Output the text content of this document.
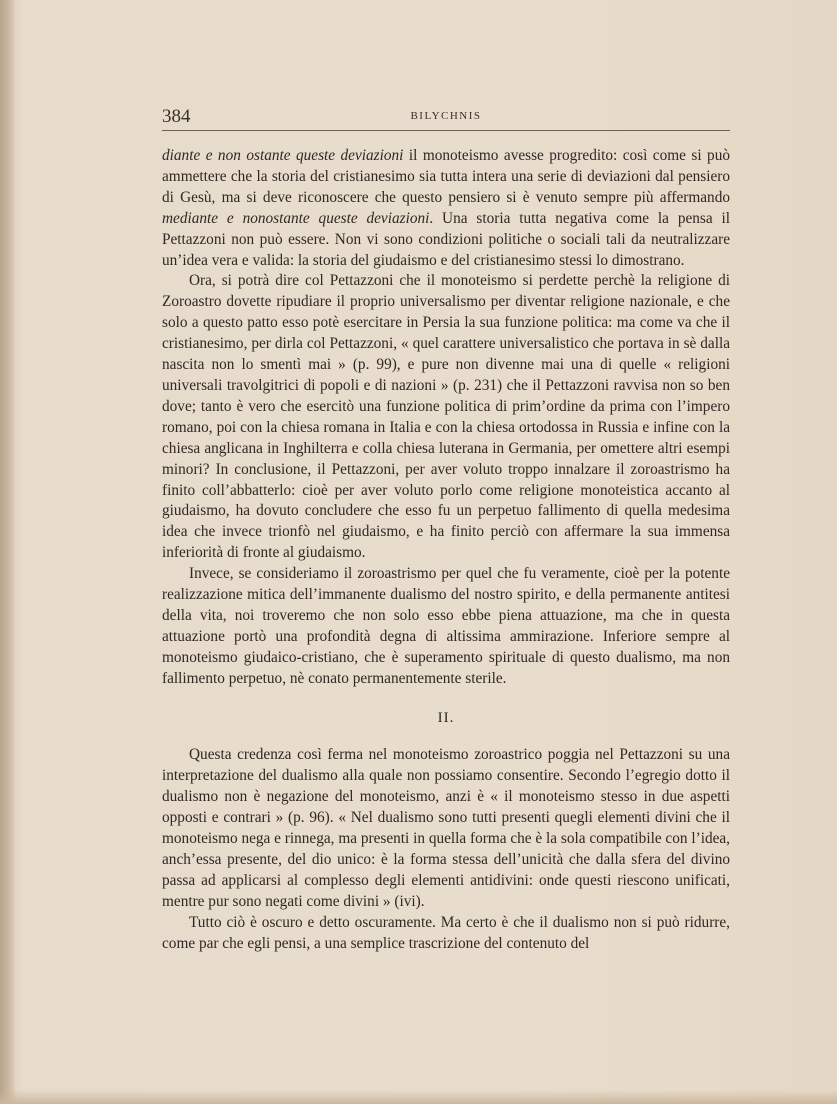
384	BILYCHNIS

diante e non ostante queste deviazioni il monoteismo avesse progredito: così come si può ammettere che la storia del cristianesimo sia tutta intera una serie di deviazioni dal pensiero di Gesù, ma si deve riconoscere che questo pensiero si è venuto sempre più affermando mediante e nonostante queste deviazioni. Una storia tutta negativa come la pensa il Pettazzoni non può essere. Non vi sono condizioni politiche o sociali tali da neutralizzare un’idea vera e valida: la storia del giudaismo e del cristianesimo stessi lo dimostrano.

Ora, si potrà dire col Pettazzoni che il monoteismo si perdette perchè la religione di Zoroastro dovette ripudiare il proprio universalismo per diventar religione nazionale, e che solo a questo patto esso potè esercitare in Persia la sua funzione politica: ma come va che il cristianesimo, per dirla col Pettazzoni, « quel carattere universalistico che portava in sè dalla nascita non lo smentì mai » (p. 99), e pure non divenne mai una di quelle « religioni universali travolgitrici di popoli e di nazioni » (p. 231) che il Pettazzoni ravvisa non so ben dove; tanto è vero che esercitò una funzione politica di prim’ordine da prima con l’impero romano, poi con la chiesa romana in Italia e con la chiesa ortodossa in Russia e infine con la chiesa anglicana in Inghilterra e colla chiesa luterana in Germania, per omettere altri esempi minori? In conclusione, il Pettazzoni, per aver voluto troppo innalzare il zoroastrismo ha finito coll’abbatterlo: cioè per aver voluto porlo come religione monoteistica accanto al giudaismo, ha dovuto concludere che esso fu un perpetuo fallimento di quella medesima idea che invece trionfò nel giudaismo, e ha finito perciò con affermare la sua immensa inferiorità di fronte al giudaismo.

Invece, se consideriamo il zoroastrismo per quel che fu veramente, cioè per la potente realizzazione mitica dell’immanente dualismo del nostro spirito, e della permanente antitesi della vita, noi troveremo che non solo esso ebbe piena attuazione, ma che in questa attuazione portò una profondità degna di altissima ammirazione. Inferiore sempre al monoteismo giudaico-cristiano, che è superamento spirituale di questo dualismo, ma non fallimento perpetuo, nè conato permanentemente sterile.

II.

Questa credenza così ferma nel monoteismo zoroastrico poggia nel Pettazzoni su una interpretazione del dualismo alla quale non possiamo consentire. Secondo l’egregio dotto il dualismo non è negazione del monoteismo, anzi è « il monoteismo stesso in due aspetti opposti e contrari » (p. 96). « Nel dualismo sono tutti presenti quegli elementi divini che il monoteismo nega e rinnega, ma presenti in quella forma che è la sola compatibile con l’idea, anch’essa presente, del dio unico: è la forma stessa dell’unicità che dalla sfera del divino passa ad applicarsi al complesso degli elementi antidivini: onde questi riescono unificati, mentre pur sono negati come divini » (ivi).

Tutto ciò è oscuro e detto oscuramente. Ma certo è che il dualismo non si può ridurre, come par che egli pensi, a una semplice trascrizione del contenuto del
